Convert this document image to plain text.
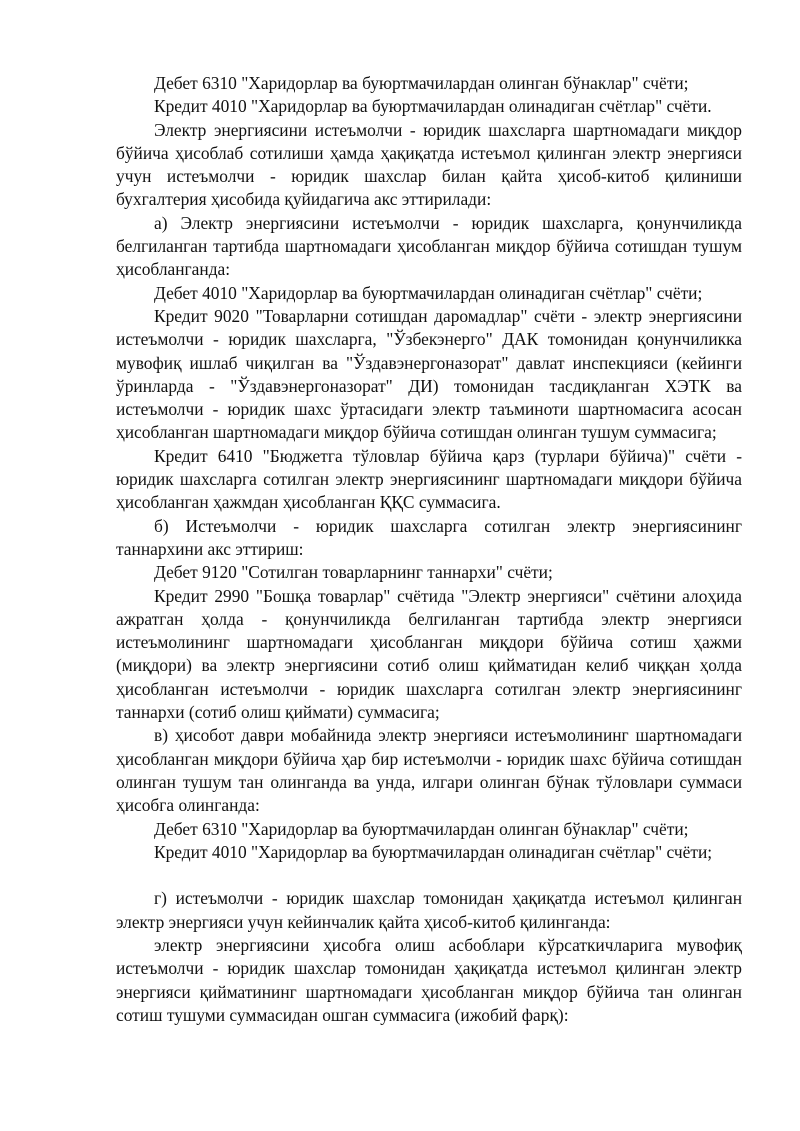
Дебет 6310 "Харидорлар ва буюртмачилардан олинган бўнаклар" счёти;

Кредит 4010 "Харидорлар ва буюртмачилардан олинадиган счётлар" счёти.

Электр энергиясини истеъмолчи - юридик шахсларга шартномадаги миқдор бўйича ҳисоблаб сотилиши ҳамда ҳақиқатда истеъмол қилинган электр энергияси учун истеъмолчи - юридик шахслар билан қайта ҳисоб-китоб қилиниши бухгалтерия ҳисобида қуйидагича акс эттирилади:

а) Электр энергиясини истеъмолчи - юридик шахсларга, қонунчиликда белгиланган тартибда шартномадаги ҳисобланган миқдор бўйича сотишдан тушум ҳисобланганда:

Дебет 4010 "Харидорлар ва буюртмачилардан олинадиган счётлар" счёти;

Кредит 9020 "Товарларни сотишдан даромадлар" счёти - электр энергиясини истеъмолчи - юридик шахсларга, "Ўзбекэнерго" ДАК томонидан қонунчиликка мувофиқ ишлаб чиқилган ва "Ўздавэнергоназорат" давлат инспекцияси (кейинги ўринларда - "Ўздавэнергоназорат" ДИ) томонидан тасдиқланган ХЭТК ва истеъмолчи - юридик шахс ўртасидаги электр таъминоти шартномасига асосан ҳисобланган шартномадаги миқдор бўйича сотишдан олинган тушум суммасига;

Кредит 6410 "Бюджетга тўловлар бўйича қарз (турлари бўйича)" счёти - юридик шахсларга сотилган электр энергиясининг шартномадаги миқдори бўйича ҳисобланган ҳажмдан ҳисобланган ҚҚС суммасига.

б) Истеъмолчи - юридик шахсларга сотилган электр энергиясининг таннархини акс эттириш:

Дебет 9120 "Сотилган товарларнинг таннархи" счёти;

Кредит 2990 "Бошқа товарлар" счётида "Электр энергияси" счётини алоҳида ажратган ҳолда - қонунчиликда белгиланган тартибда электр энергияси истеъмолининг шартномадаги ҳисобланган миқдори бўйича сотиш ҳажми (миқдори) ва электр энергиясини сотиб олиш қийматидан келиб чиққан ҳолда ҳисобланган истеъмолчи - юридик шахсларга сотилган электр энергиясининг таннархи (сотиб олиш қиймати) суммасига;

в) ҳисобот даври мобайнида электр энергияси истеъмолининг шартномадаги ҳисобланган миқдори бўйича ҳар бир истеъмолчи - юридик шахс бўйича сотишдан олинган тушум тан олинганда ва унда, илгари олинган бўнак тўловлари суммаси ҳисобга олинганда:

Дебет 6310 "Харидорлар ва буюртмачилардан олинган бўнаклар" счёти;

Кредит 4010 "Харидорлар ва буюртмачилардан олинадиган счётлар" счёти;

г) истеъмолчи - юридик шахслар томонидан ҳақиқатда истеъмол қилинган электр энергияси учун кейинчалик қайта ҳисоб-китоб қилинганда:

электр энергиясини ҳисобга олиш асбоблари кўрсаткичларига мувофиқ истеъмолчи - юридик шахслар томонидан ҳақиқатда истеъмол қилинган электр энергияси қийматининг шартномадаги ҳисобланган миқдор бўйича тан олинган сотиш тушуми суммасидан ошган суммасига (ижобий фарқ):
